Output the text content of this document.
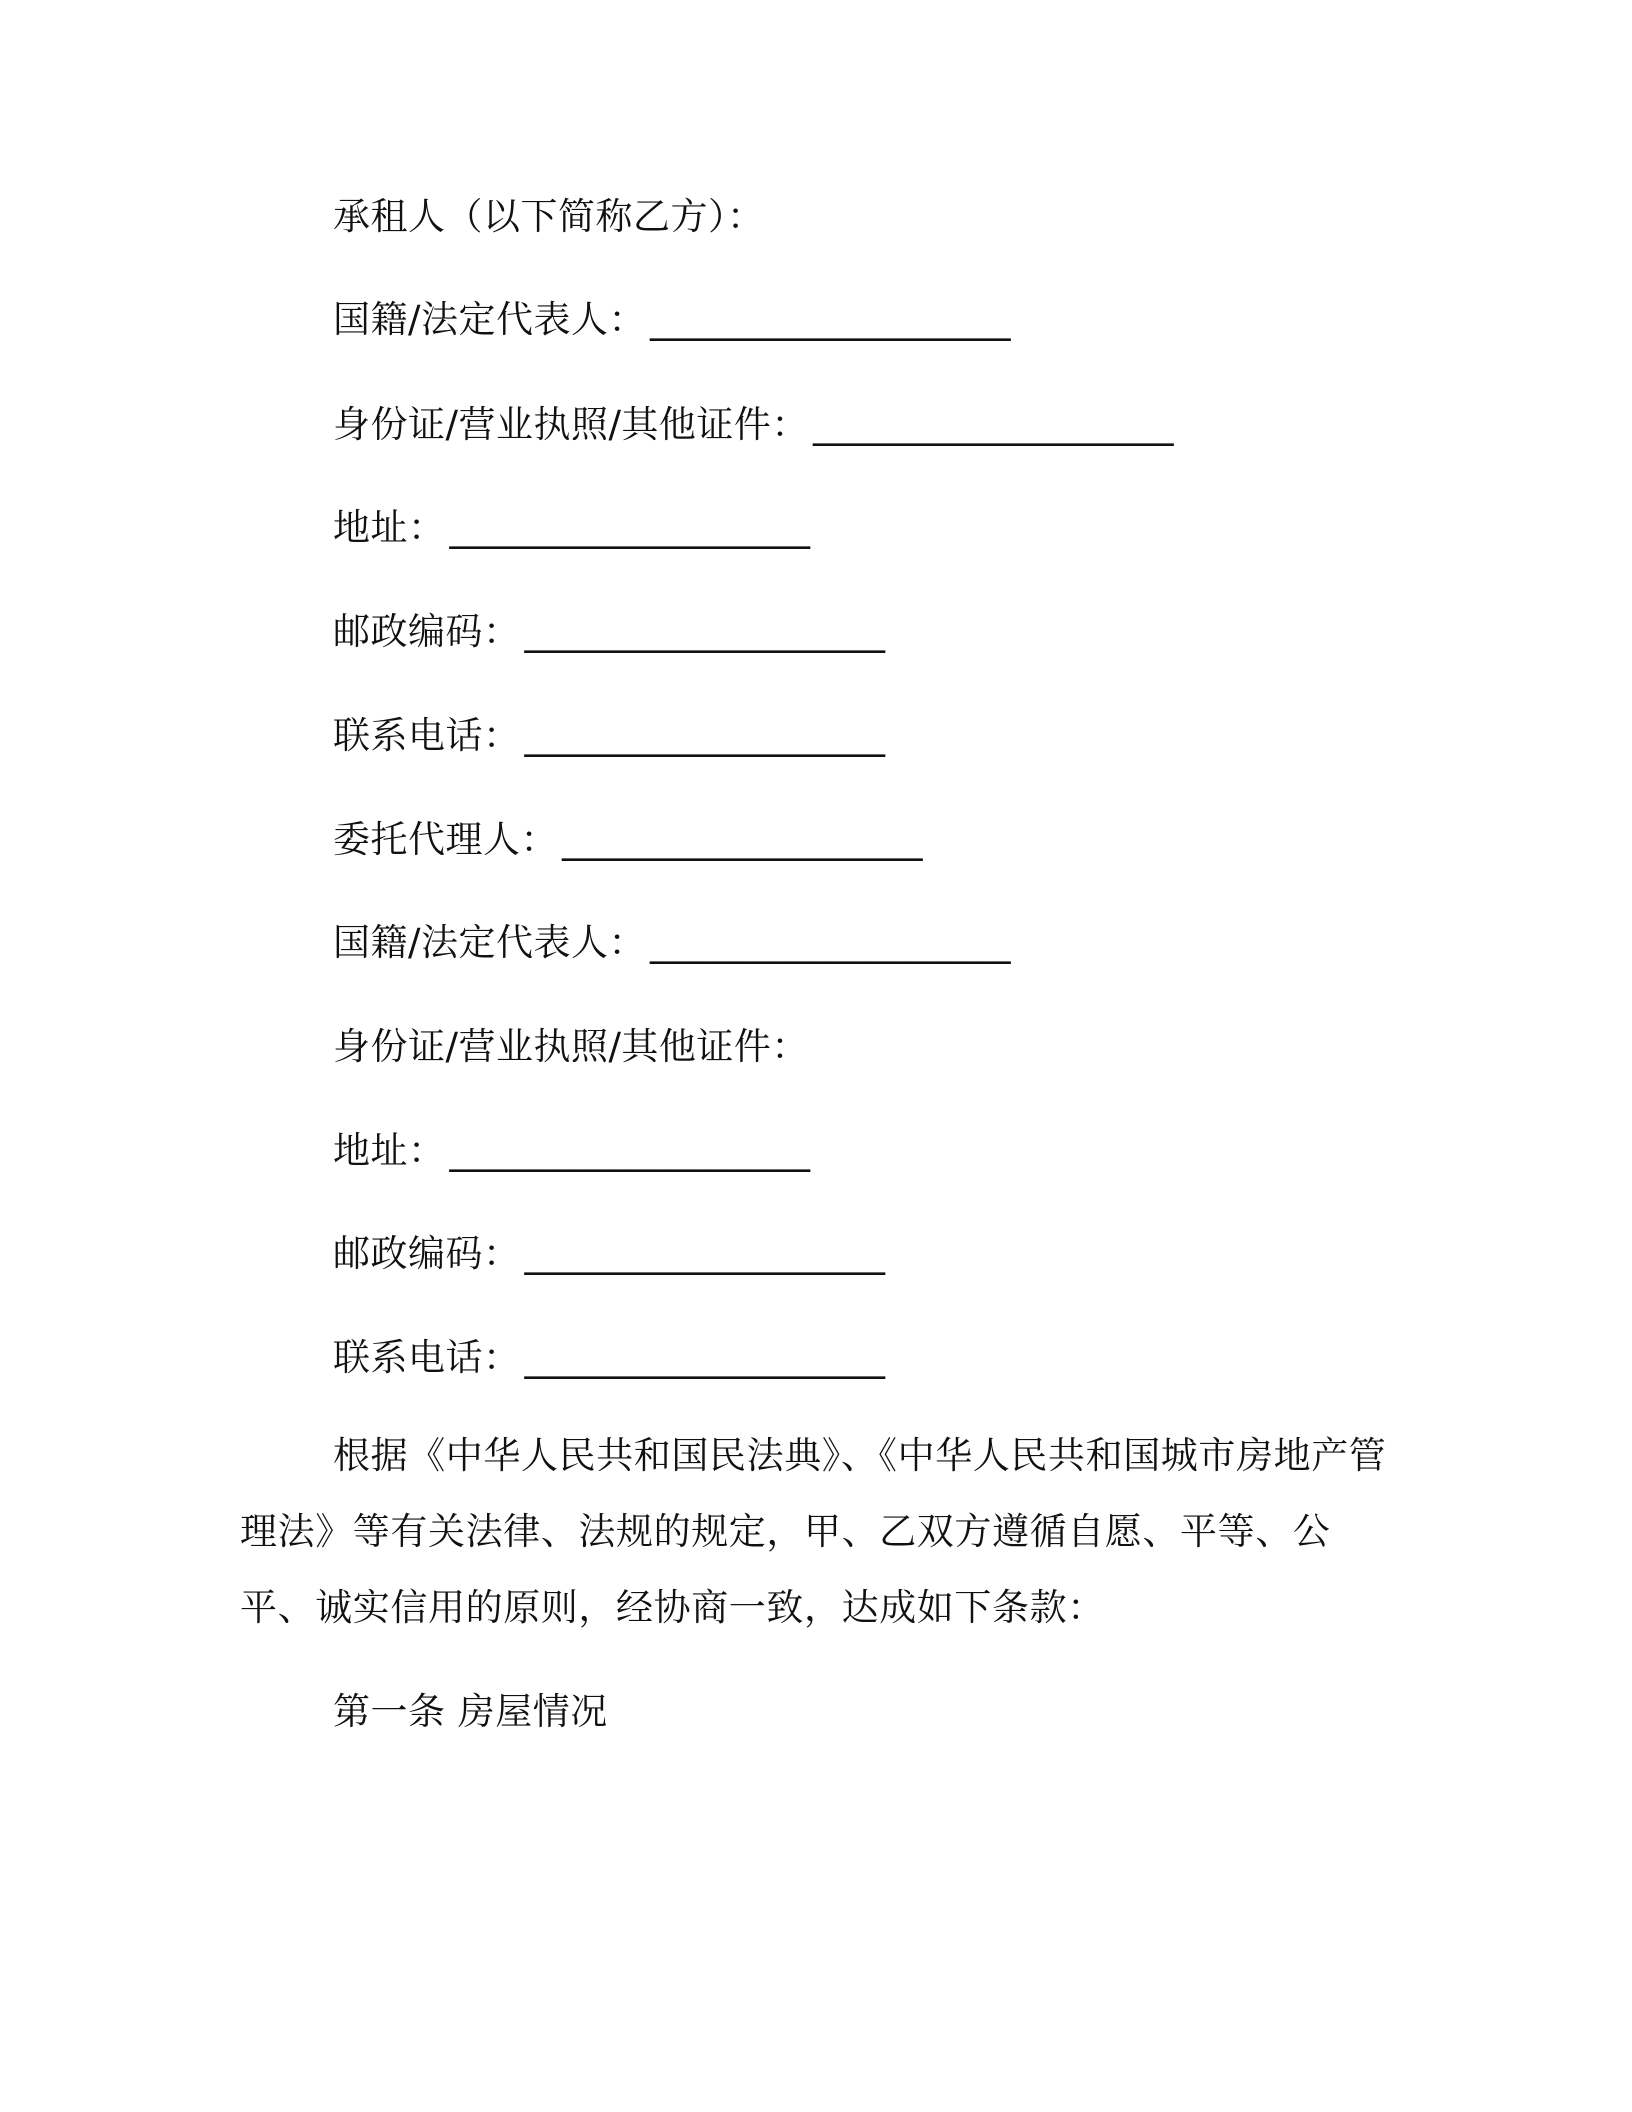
承租人（以下简称乙方）：
国籍/法定代表人： ___________________
身份证/营业执照/其他证件： ___________________
地址： ___________________
邮政编码： ___________________
联系电话： ___________________
委托代理人： ___________________
国籍/法定代表人： ___________________
身份证/营业执照/其他证件：
地址： ___________________
邮政编码： ___________________
联系电话： ___________________

根据《中华人民共和国民法典》、《中华人民共和国城市房地产管理法》等有关法律、法规的规定，甲、乙双方遵循自愿、平等、公平、诚实信用的原则，经协商一致，达成如下条款：

第一条 房屋情况
